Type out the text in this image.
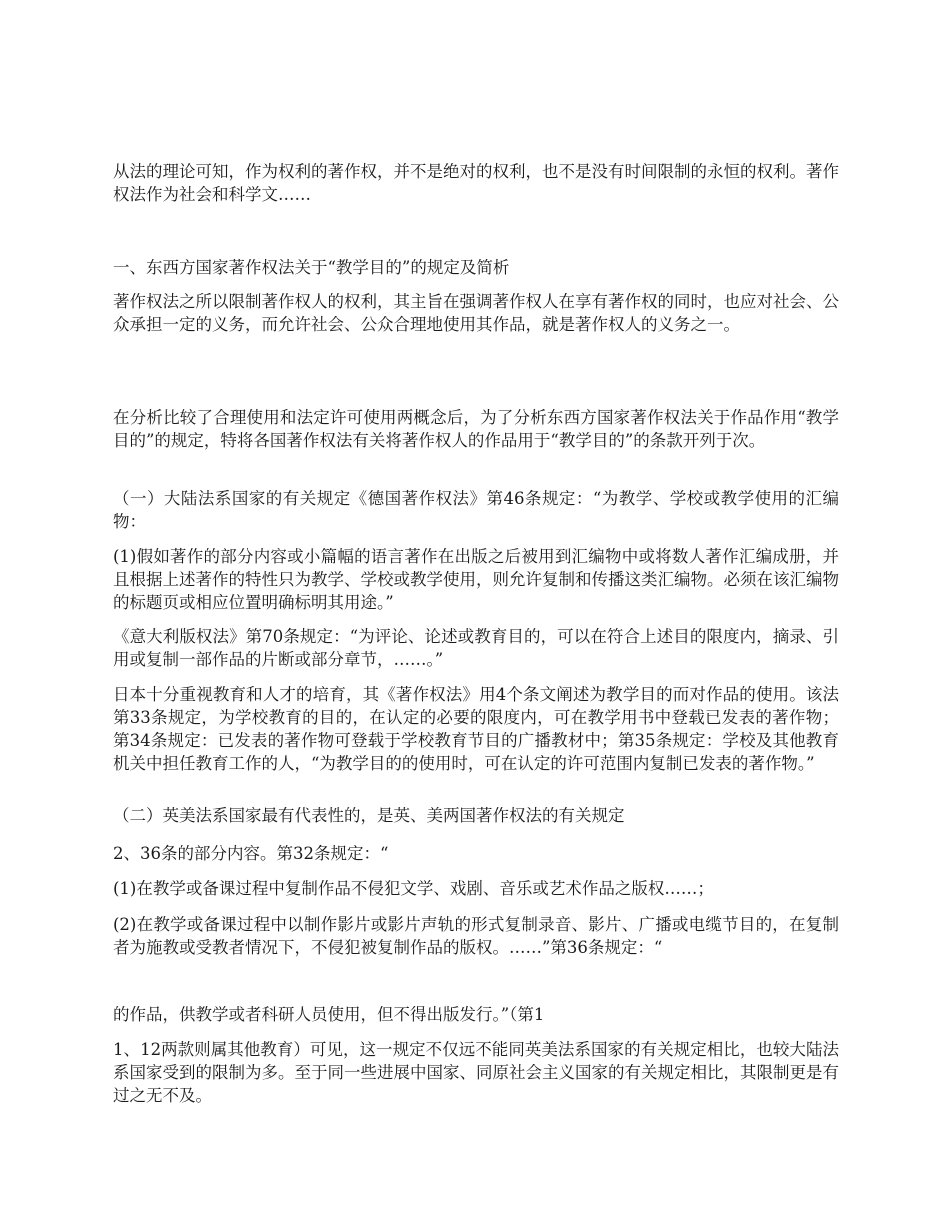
从法的理论可知，作为权利的著作权，并不是绝对的权利，也不是没有时间限制的永恒的权利。著作权法作为社会和科学文……

一、东西方国家著作权法关于“教学目的”的规定及简析

著作权法之所以限制著作权人的权利，其主旨在强调著作权人在享有著作权的同时，也应对社会、公众承担一定的义务，而允许社会、公众合理地使用其作品，就是著作权人的义务之一。

在分析比较了合理使用和法定许可使用两概念后，为了分析东西方国家著作权法关于作品作用“教学目的”的规定，特将各国著作权法有关将著作权人的作品用于“教学目的”的条款开列于次。

（一）大陆法系国家的有关规定《德国著作权法》第46条规定：“为教学、学校或教学使用的汇编物：

(1)假如著作的部分内容或小篇幅的语言著作在出版之后被用到汇编物中或将数人著作汇编成册，并且根据上述著作的特性只为教学、学校或教学使用，则允许复制和传播这类汇编物。必须在该汇编物的标题页或相应位置明确标明其用途。”

《意大利版权法》第70条规定：“为评论、论述或教育目的，可以在符合上述目的限度内，摘录、引用或复制一部作品的片断或部分章节，……。”

日本十分重视教育和人才的培育，其《著作权法》用4个条文阐述为教学目的而对作品的使用。该法第33条规定，为学校教育的目的，在认定的必要的限度内，可在教学用书中登载已发表的著作物；第34条规定：已发表的著作物可登载于学校教育节目的广播教材中；第35条规定：学校及其他教育机关中担任教育工作的人，“为教学目的的使用时，可在认定的许可范围内复制已发表的著作物。”

（二）英美法系国家最有代表性的，是英、美两国著作权法的有关规定

2、36条的部分内容。第32条规定：“

(1)在教学或备课过程中复制作品不侵犯文学、戏剧、音乐或艺术作品之版权……；

(2)在教学或备课过程中以制作影片或影片声轨的形式复制录音、影片、广播或电缆节目的，在复制者为施教或受教者情况下，不侵犯被复制作品的版权。……”第36条规定：“

的作品，供教学或者科研人员使用，但不得出版发行。”（第1

1、12两款则属其他教育）可见，这一规定不仅远不能同英美法系国家的有关规定相比，也较大陆法系国家受到的限制为多。至于同一些进展中国家、同原社会主义国家的有关规定相比，其限制更是有过之无不及。
